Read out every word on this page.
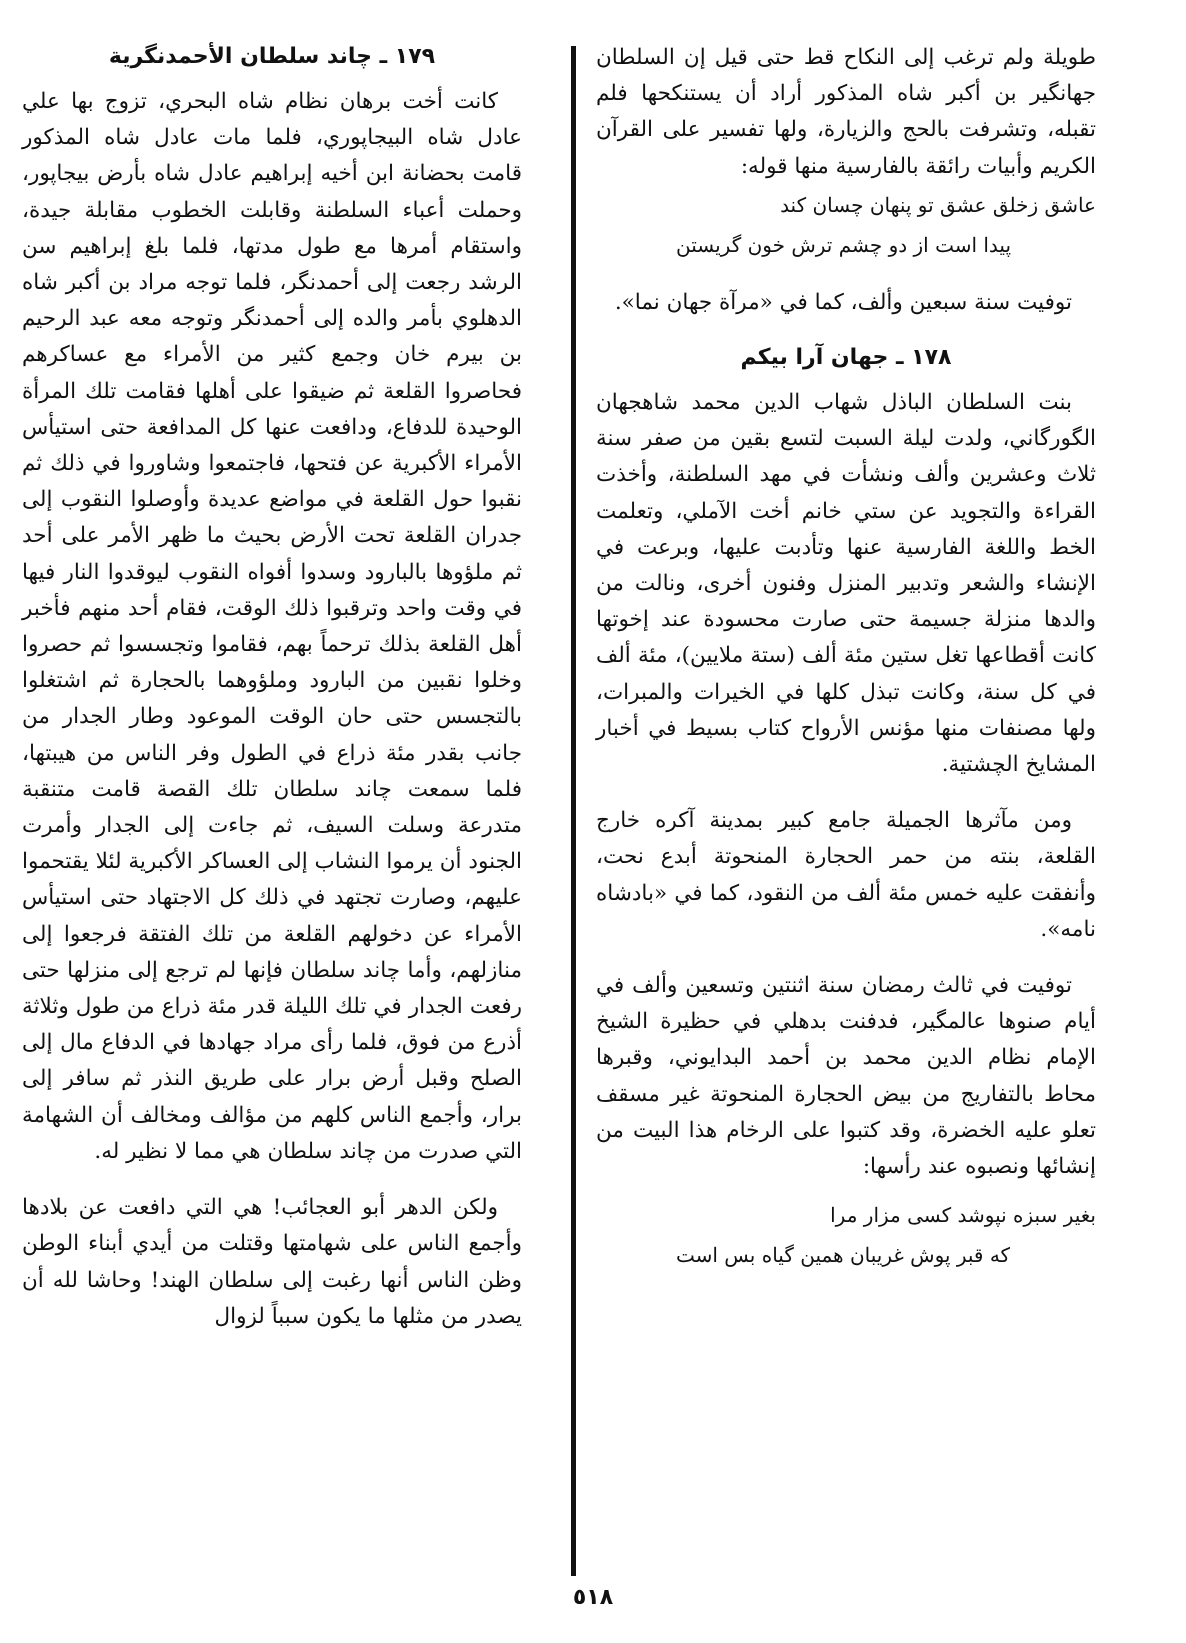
طويلة ولم ترغب إلى النكاح قط حتى قيل إن السلطان جهانگير بن أكبر شاه المذكور أراد أن يستنكحها فلم تقبله، وتشرفت بالحج والزيارة، ولها تفسير على القرآن الكريم وأبيات رائقة بالفارسية منها قوله:

عاشق زخلق عشق تو پنهان چسان كند
پيدا است از دو چشم ترش خون گريستن

توفيت سنة سبعين وألف، كما في «مرآة جهان نما».

١٧٨ ـ جهان آرا بيكم

بنت السلطان الباذل شهاب الدين محمد شاهجهان الگورگاني، ولدت ليلة السبت لتسع بقين من صفر سنة ثلاث وعشرين وألف ونشأت في مهد السلطنة، وأخذت القراءة والتجويد عن ستي خانم أخت الآملي، وتعلمت الخط واللغة الفارسية عنها وتأدبت عليها، وبرعت في الإنشاء والشعر وتدبير المنزل وفنون أخرى، ونالت من والدها منزلة جسيمة حتى صارت محسودة عند إخوتها كانت أقطاعها تغل ستين مئة ألف (ستة ملايين)، مئة ألف في كل سنة، وكانت تبذل كلها في الخيرات والمبرات، ولها مصنفات منها مؤنس الأرواح كتاب بسيط في أخبار المشايخ الچشتية.

ومن مآثرها الجميلة جامع كبير بمدينة آكره خارج القلعة، بنته من حمر الحجارة المنحوتة أبدع نحت، وأنفقت عليه خمس مئة ألف من النقود، كما في «بادشاه نامه».

توفيت في ثالث رمضان سنة اثنتين وتسعين وألف في أيام صنوها عالمگير، فدفنت بدهلي في حظيرة الشيخ الإمام نظام الدين محمد بن أحمد البدايوني، وقبرها محاط بالتفاريج من بيض الحجارة المنحوتة غير مسقف تعلو عليه الخضرة، وقد كتبوا على الرخام هذا البيت من إنشائها ونصبوه عند رأسها:

بغير سبزه نپوشد كسى مزار مرا
كه قبر پوش غريبان همين گياه بس است
١٧٩ ـ چاند سلطان الأحمدنگرية

كانت أخت برهان نظام شاه البحري، تزوج بها علي عادل شاه البيجاپوري، فلما مات عادل شاه المذكور قامت بحضانة ابن أخيه إبراهيم عادل شاه بأرض بيجاپور، وحملت أعباء السلطنة وقابلت الخطوب مقابلة جيدة، واستقام أمرها مع طول مدتها، فلما بلغ إبراهيم سن الرشد رجعت إلى أحمدنگر، فلما توجه مراد بن أكبر شاه الدهلوي بأمر والده إلى أحمدنگر وتوجه معه عبد الرحيم بن بيرم خان وجمع كثير من الأمراء مع عساكرهم فحاصروا القلعة ثم ضيقوا على أهلها فقامت تلك المرأة الوحيدة للدفاع، ودافعت عنها كل المدافعة حتى استيأس الأمراء الأكبرية عن فتحها، فاجتمعوا وشاوروا في ذلك ثم نقبوا حول القلعة في مواضع عديدة وأوصلوا النقوب إلى جدران القلعة تحت الأرض بحيث ما ظهر الأمر على أحد ثم ملؤوها بالبارود وسدوا أفواه النقوب ليوقدوا النار فيها في وقت واحد وترقبوا ذلك الوقت، فقام أحد منهم فأخبر أهل القلعة بذلك ترحماً بهم، فقاموا وتجسسوا ثم حصروا وخلوا نقبين من البارود وملؤوهما بالحجارة ثم اشتغلوا بالتجسس حتى حان الوقت الموعود وطار الجدار من جانب بقدر مئة ذراع في الطول وفر الناس من هيبتها، فلما سمعت چاند سلطان تلك القصة قامت متنقبة متدرعة وسلت السيف، ثم جاءت إلى الجدار وأمرت الجنود أن يرموا النشاب إلى العساكر الأكبرية لئلا يقتحموا عليهم، وصارت تجتهد في ذلك كل الاجتهاد حتى استيأس الأمراء عن دخولهم القلعة من تلك الفتقة فرجعوا إلى منازلهم، وأما چاند سلطان فإنها لم ترجع إلى منزلها حتى رفعت الجدار في تلك الليلة قدر مئة ذراع من طول وثلاثة أذرع من فوق، فلما رأى مراد جهادها في الدفاع مال إلى الصلح وقبل أرض برار على طريق النذر ثم سافر إلى برار، وأجمع الناس كلهم من مؤالف ومخالف أن الشهامة التي صدرت من چاند سلطان هي مما لا نظير له.

ولكن الدهر أبو العجائب! هي التي دافعت عن بلادها وأجمع الناس على شهامتها وقتلت من أيدي أبناء الوطن وظن الناس أنها رغبت إلى سلطان الهند! وحاشا لله أن يصدر من مثلها ما يكون سبباً لزوال

٥١٨
